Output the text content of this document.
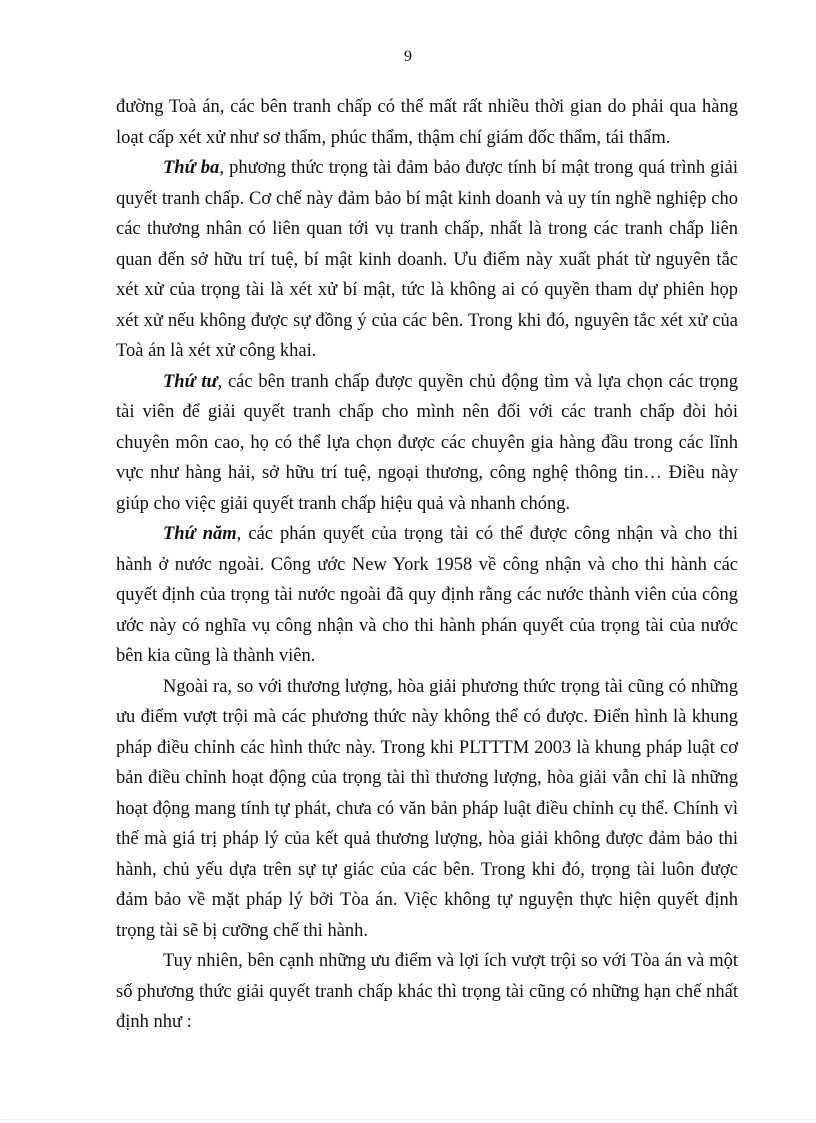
9

đường Toà án, các bên tranh chấp có thể mất rất nhiều thời gian do phải qua hàng loạt cấp xét xử như sơ thẩm, phúc thẩm, thậm chí giám đốc thẩm, tái thẩm.

Thứ ba, phương thức trọng tài đảm bảo được tính bí mật trong quá trình giải quyết tranh chấp. Cơ chế này đảm bảo bí mật kinh doanh và uy tín nghề nghiệp cho các thương nhân có liên quan tới vụ tranh chấp, nhất là trong các tranh chấp liên quan đến sở hữu trí tuệ, bí mật kinh doanh. Ưu điểm này xuất phát từ nguyên tắc xét xử của trọng tài là xét xử bí mật, tức là không ai có quyền tham dự phiên họp xét xử nếu không được sự đồng ý của các bên. Trong khi đó, nguyên tắc xét xử của Toà án là xét xử công khai.

Thứ tư, các bên tranh chấp được quyền chủ động tìm và lựa chọn các trọng tài viên để giải quyết tranh chấp cho mình nên đối với các tranh chấp đòi hỏi chuyên môn cao, họ có thể lựa chọn được các chuyên gia hàng đầu trong các lĩnh vực như hàng hải, sở hữu trí tuệ, ngoại thương, công nghệ thông tin… Điều này giúp cho việc giải quyết tranh chấp hiệu quả và nhanh chóng.

Thứ năm, các phán quyết của trọng tài có thể được công nhận và cho thi hành ở nước ngoài. Công ước New York 1958 về công nhận và cho thi hành các quyết định của trọng tài nước ngoài đã quy định rằng các nước thành viên của công ước này có nghĩa vụ công nhận và cho thi hành phán quyết của trọng tài của nước bên kia cũng là thành viên.

Ngoài ra, so với thương lượng, hòa giải phương thức trọng tài cũng có những ưu điểm vượt trội mà các phương thức này không thể có được. Điển hình là khung pháp điều chỉnh các hình thức này. Trong khi PLTTTM 2003 là khung pháp luật cơ bản điều chỉnh hoạt động của trọng tài thì thương lượng, hòa giải vẫn chỉ là những hoạt động mang tính tự phát, chưa có văn bản pháp luật điều chỉnh cụ thể. Chính vì thế mà giá trị pháp lý của kết quả thương lượng, hòa giải không được đảm bảo thi hành, chủ yếu dựa trên sự tự giác của các bên. Trong khi đó, trọng tài luôn được đảm bảo về mặt pháp lý bởi Tòa án. Việc không tự nguyện thực hiện quyết định trọng tài sẽ bị cưỡng chế thi hành.

Tuy nhiên, bên cạnh những ưu điểm và lợi ích vượt trội so với Tòa án và một số phương thức giải quyết tranh chấp khác thì trọng tài cũng có những hạn chế nhất định như :
